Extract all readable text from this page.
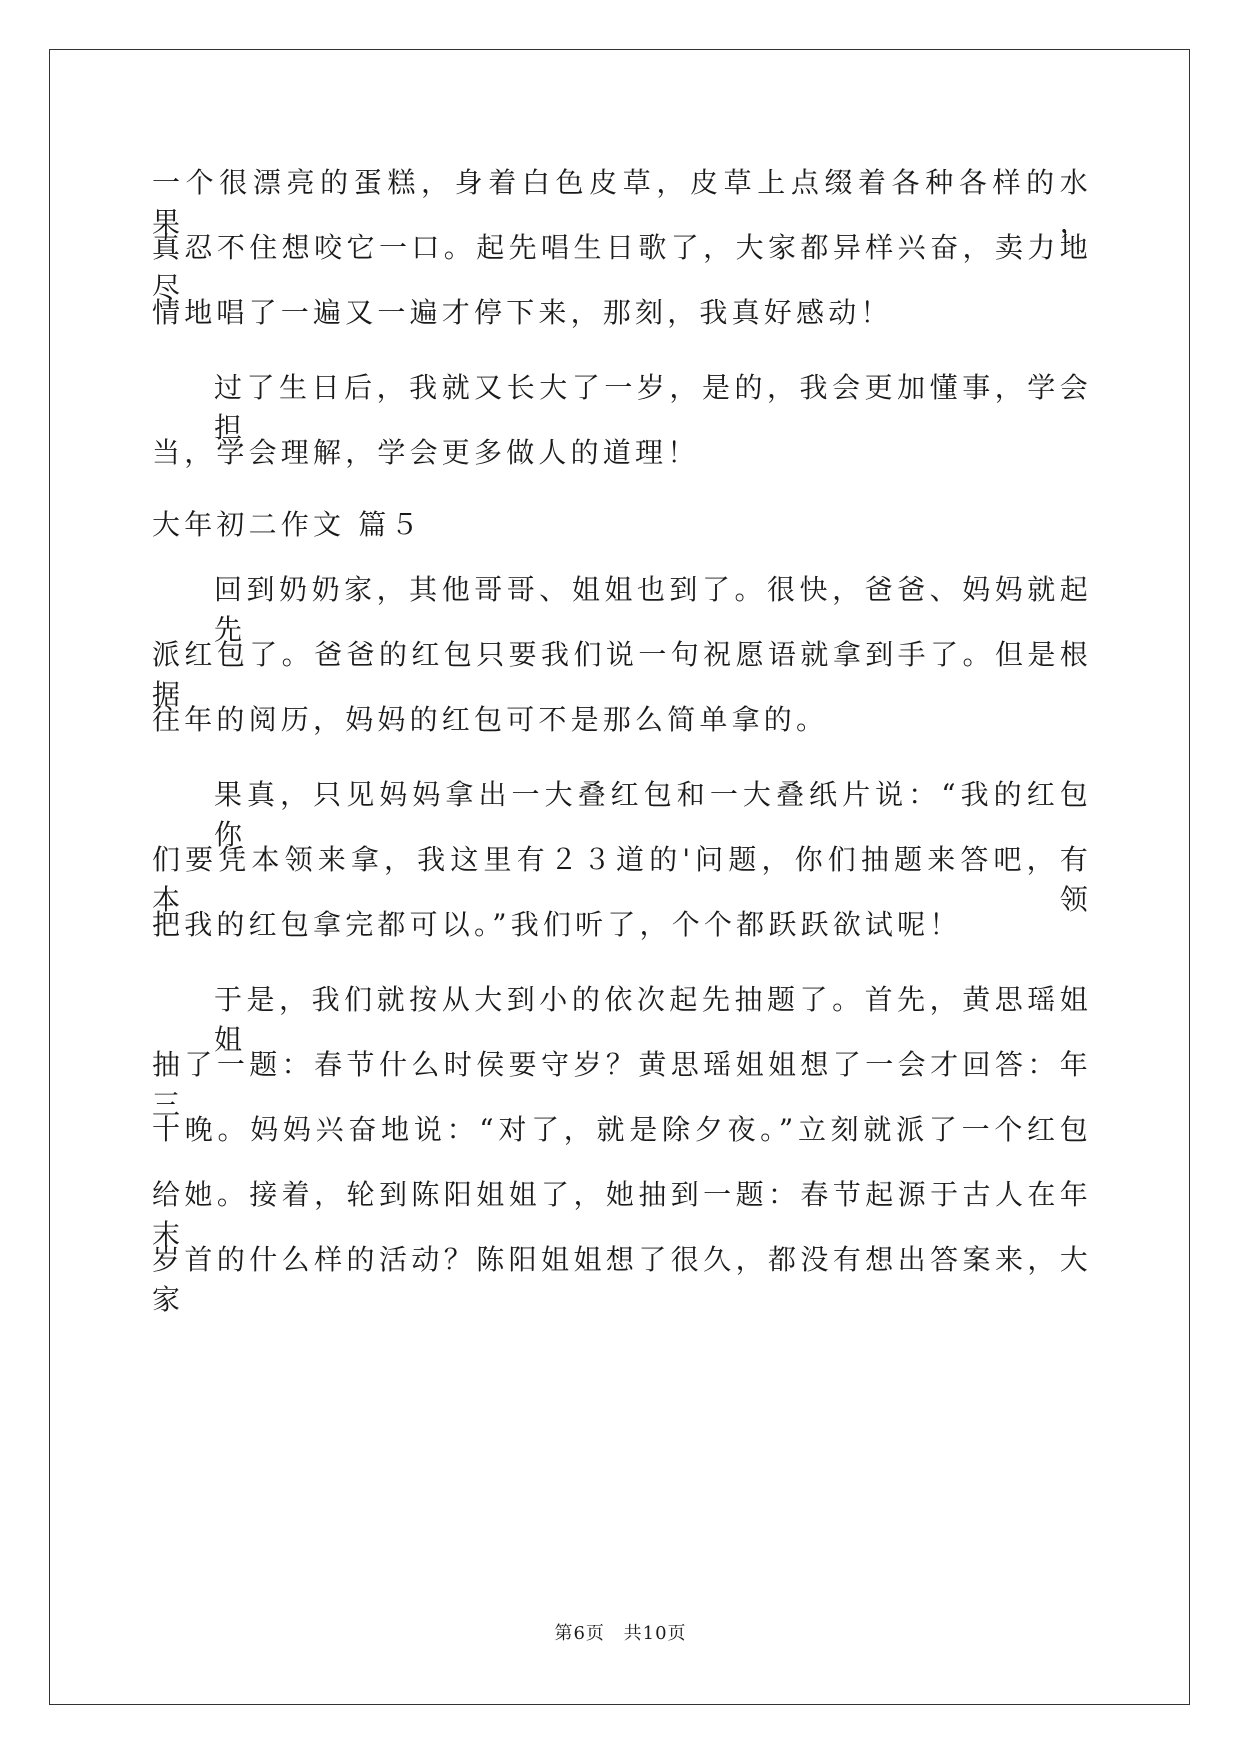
一个很漂亮的蛋糕，身着白色皮草，皮草上点缀着各种各样的水果，
真忍不住想咬它一口。起先唱生日歌了，大家都异样兴奋，卖力地尽
情地唱了一遍又一遍才停下来，那刻，我真好感动！
过了生日后，我就又长大了一岁，是的，我会更加懂事，学会担
当，学会理解，学会更多做人的道理！
大年初二作文 篇５
回到奶奶家，其他哥哥、姐姐也到了。很快，爸爸、妈妈就起先
派红包了。爸爸的红包只要我们说一句祝愿语就拿到手了。但是根据
往年的阅历，妈妈的红包可不是那么简单拿的。
果真，只见妈妈拿出一大叠红包和一大叠纸片说：“我的红包你
们要凭本领来拿，我这里有２３道的'问题，你们抽题来答吧，有本领
把我的红包拿完都可以。”我们听了，个个都跃跃欲试呢！
于是，我们就按从大到小的依次起先抽题了。首先，黄思瑶姐姐
抽了一题：春节什么时侯要守岁？黄思瑶姐姐想了一会才回答：年三
十晚。妈妈兴奋地说：“对了，就是除夕夜。”立刻就派了一个红包
给她。接着，轮到陈阳姐姐了，她抽到一题：春节起源于古人在年末
岁首的什么样的活动？陈阳姐姐想了很久，都没有想出答案来，大家
第6页 共10页
